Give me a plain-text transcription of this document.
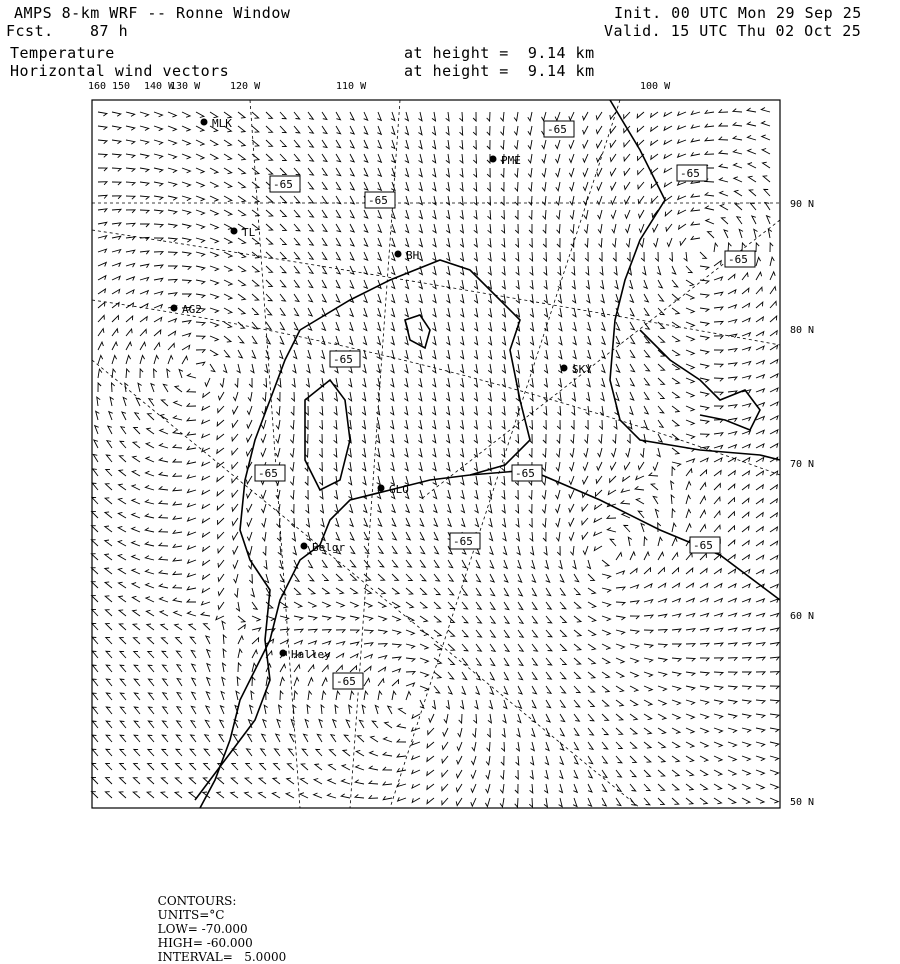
AMPS 8-km WRF -- Ronne Window
Fcst. 87 h
Temperature
Horizontal wind vectors
at height =  9.14 km
at height =  9.14 km
Init. 00 UTC Mon 29 Sep 25
Valid. 15 UTC Thu 02 Oct 25
MLK
PME
TL
BH
AG2
SKY
GLO
Belgr
Halley
-65
-65
-65
-65
-65
-65
-65	-65
-65	-65
-65
160 150 140 W
130 W	120 W	110 W	100 W
90 N
80 N
70 N
60 N
50 N

CONTOURS:
UNITS=°C
LOW= -70.000
HIGH= -60.000
INTERVAL=   5.0000
